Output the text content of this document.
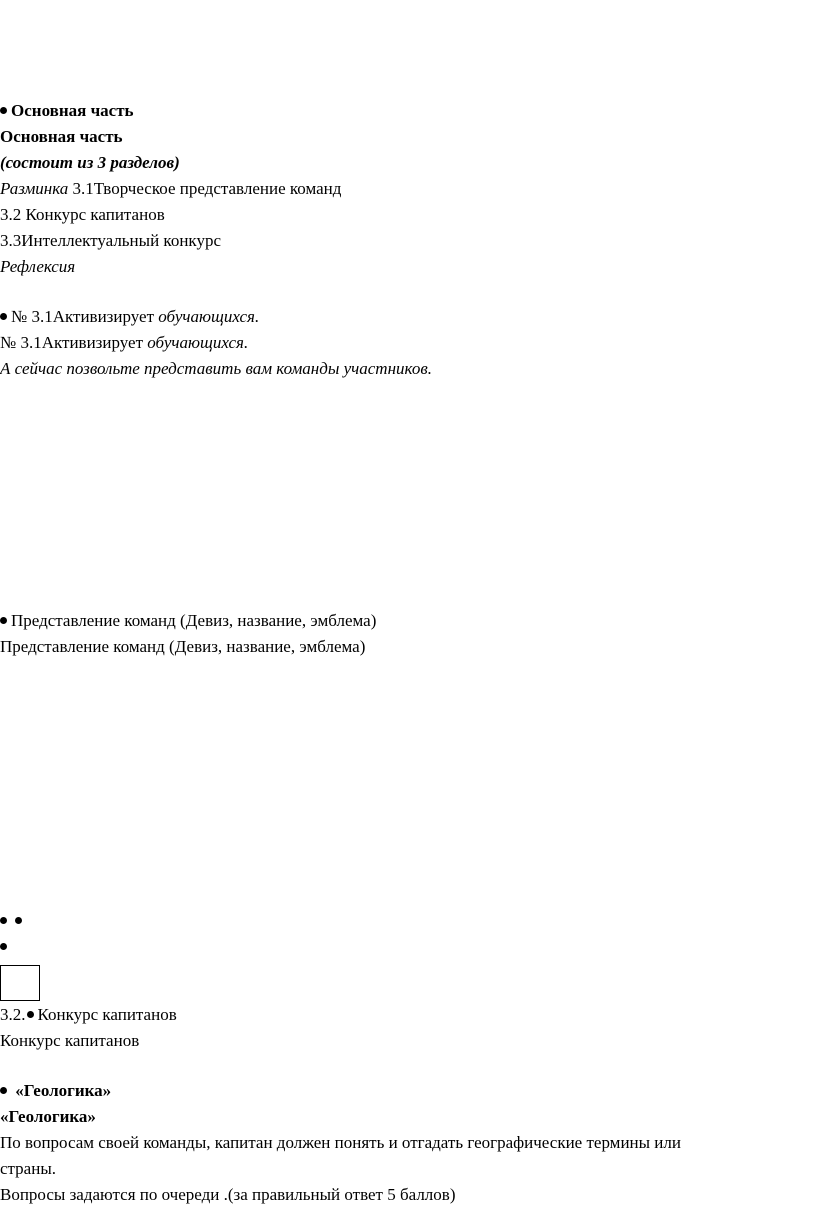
Основная часть
Основная часть
(состоит из 3 разделов)
Разминка 3.1Творческое представление команд
3.2 Конкурс капитанов
3.3Интеллектуальный конкурс
Рефлексия
№ 3.1Активизирует обучающихся.
№ 3.1Активизирует обучающихся.
А сейчас позвольте представить вам команды участников.
Представление команд (Девиз, название, эмблема)
Представление команд (Девиз, название, эмблема)
3.2. Конкурс капитанов
Конкурс капитанов
«Геологика»
«Геологика»
По вопросам своей команды, капитан должен понять и отгадать географические термины или
страны.
Вопросы задаются по очереди .(за правильный ответ 5 баллов)
